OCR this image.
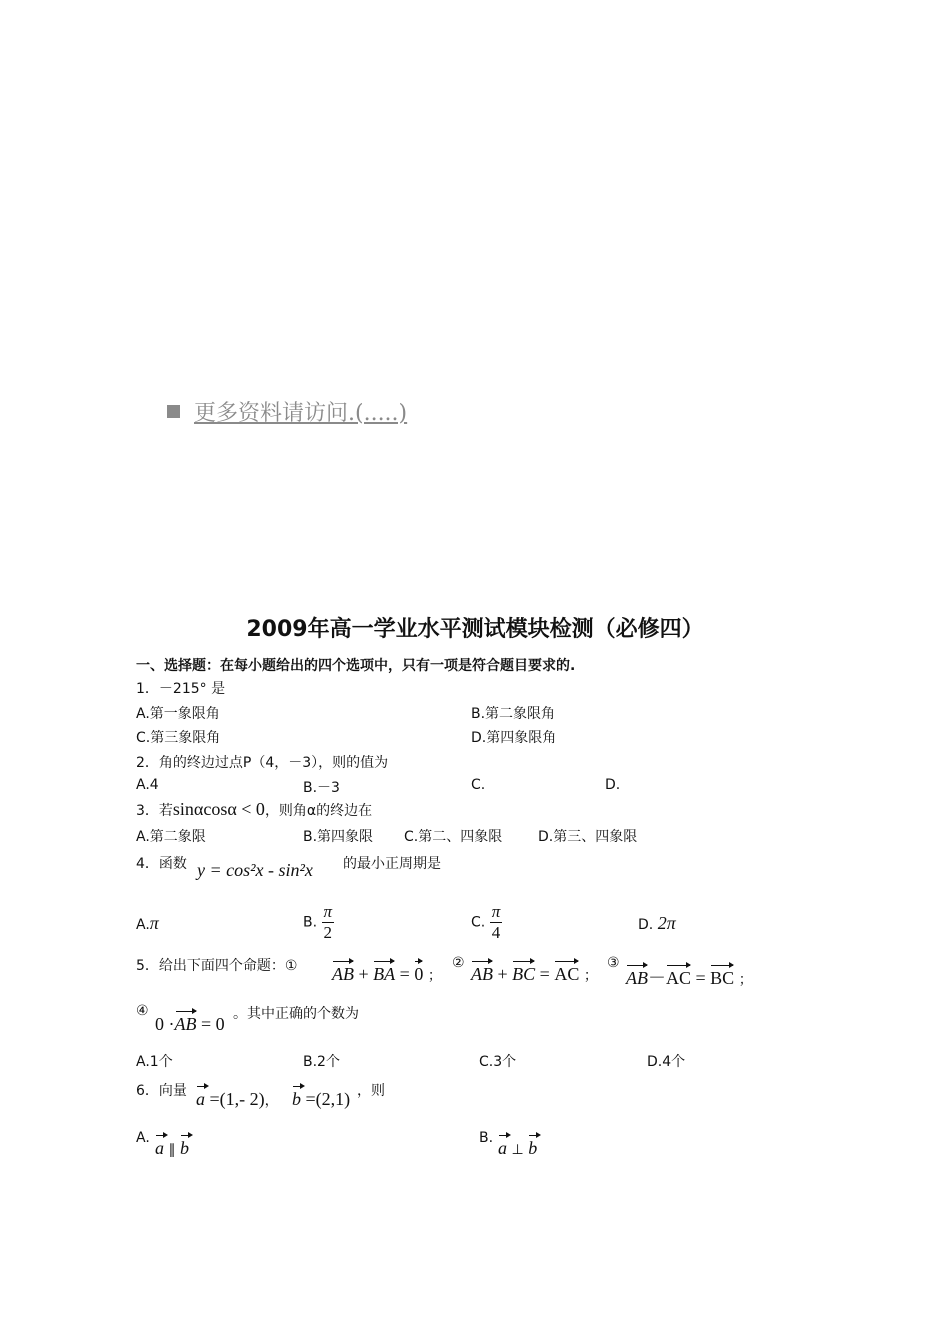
更多资料请访问.(.....)
2009年高一学业水平测试模块检测（必修四）
一、选择题：在每小题给出的四个选项中，只有一项是符合题目要求的.
1．－215° 是
A.第一象限角	B.第二象限角
C.第三象限角	D.第四象限角
2．角的终边过点P（4，－3），则的值为
A.4	B.－3	C.	D.
3．若sinαcosα < 0，则角α的终边在
A.第二象限	B.第四象限 C.第二、四象限	D.第三、四象限
4．函数 y = cos²x - sin²x 的最小正周期是
A.π	B. $\frac{\pi}{2}$	C. $\frac{\pi}{4}$	D. 2π
5．给出下面四个命题：① AB + BA = 0 ；
②
AB + BC = AC ；
③
AB－AC = BC ；
④
0 ·AB = 0 。其中正确的个数为
A.1个	B.2个	C.3个	D.4个
6．向量 a =(1,- 2)， b =(2,1) ，则
A. a ∥ b	B. a ⊥ b
